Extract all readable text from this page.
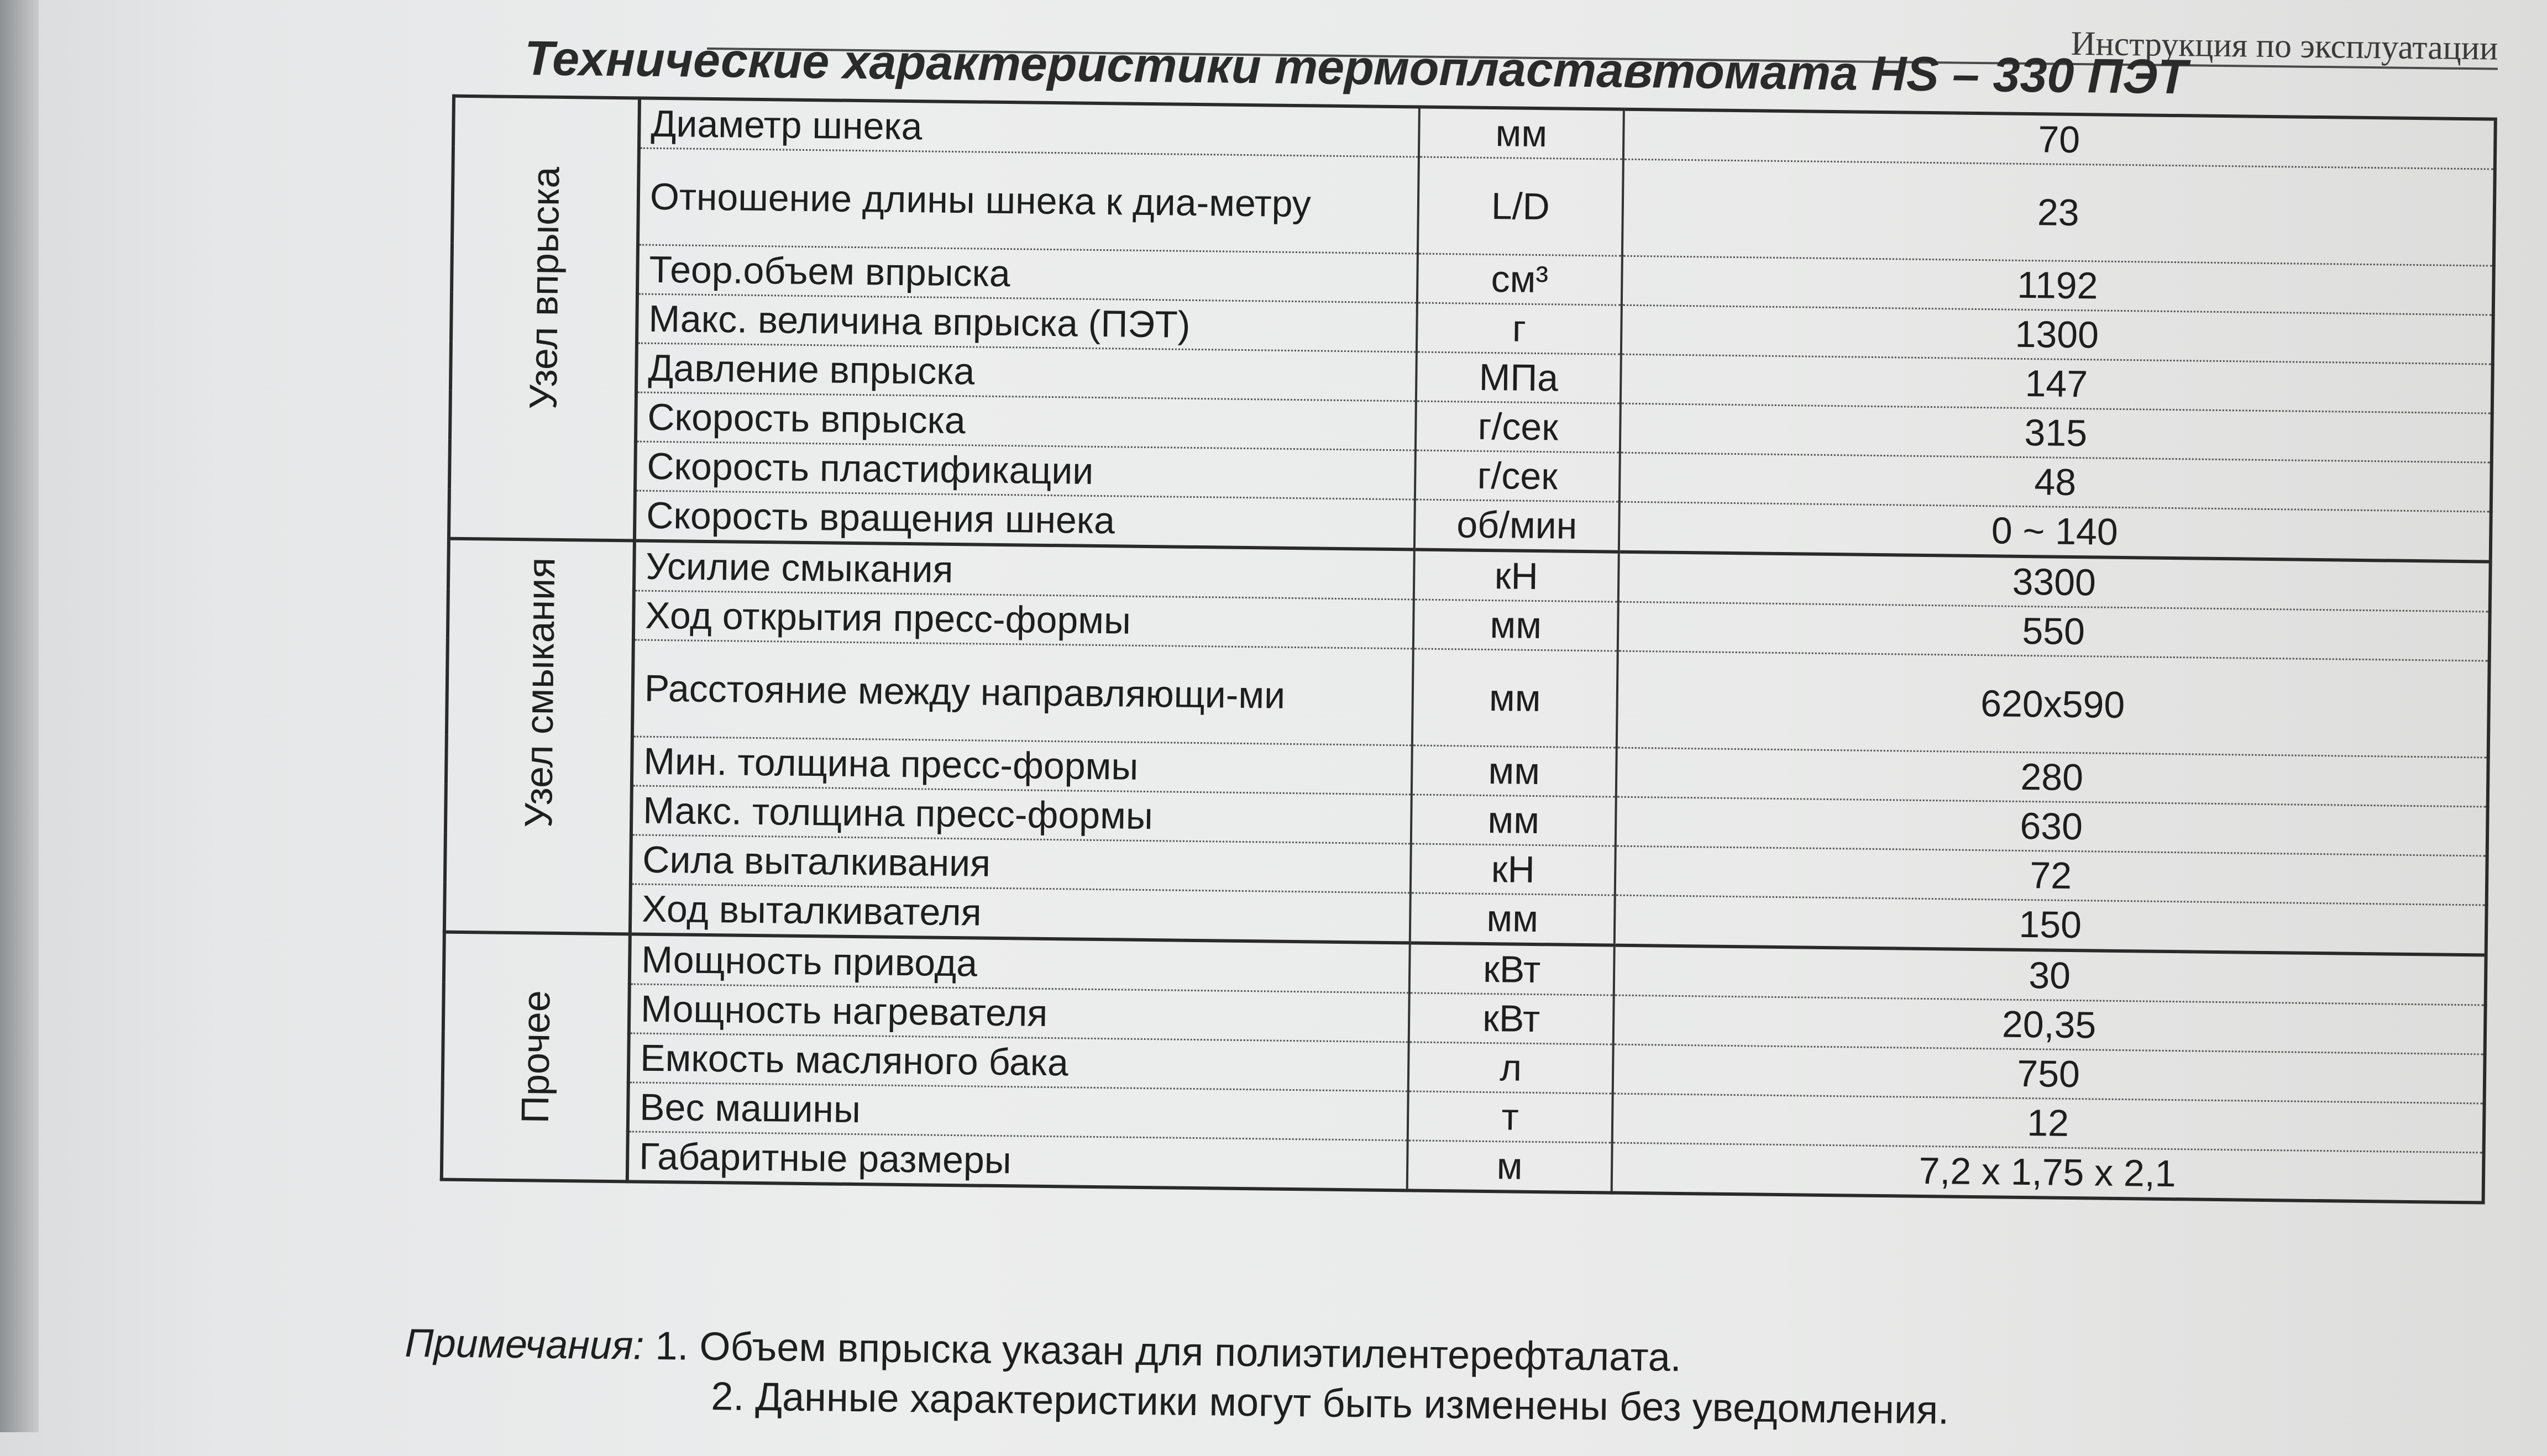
Инструкция по эксплуатации
Технические характеристики термопластавтомата HS – 330 ПЭТ
Узел впрыска	Диаметр шнека	мм	70
	Отношение длины шнека к диа-метру	L/D	23
	Теор.объем впрыска	см³	1192
	Макс. величина впрыска (ПЭТ)	г	1300
	Давление впрыска	МПа	147
	Скорость впрыска	г/сек	315
	Скорость пластификации	г/сек	48
	Скорость вращения шнека	об/мин	0 ~ 140

Узел смыкания	Усилие смыкания	кН	3300
	Ход открытия пресс-формы	мм	550
	Расстояние между направляющи-ми	мм	620x590
	Мин. толщина пресс-формы	мм	280
	Макс. толщина пресс-формы	мм	630
	Сила выталкивания	кН	72
	Ход выталкивателя	мм	150

Прочее	Мощность привода	кВт	30
	Мощность нагревателя	кВт	20,35
	Емкость масляного бака	л	750
	Вес машины	т	12
	Габаритные размеры	м	7,2 х 1,75 х 2,1
Примечания: 1. Объем впрыска указан для полиэтилентерефталата.
2. Данные характеристики могут быть изменены без уведомления.
